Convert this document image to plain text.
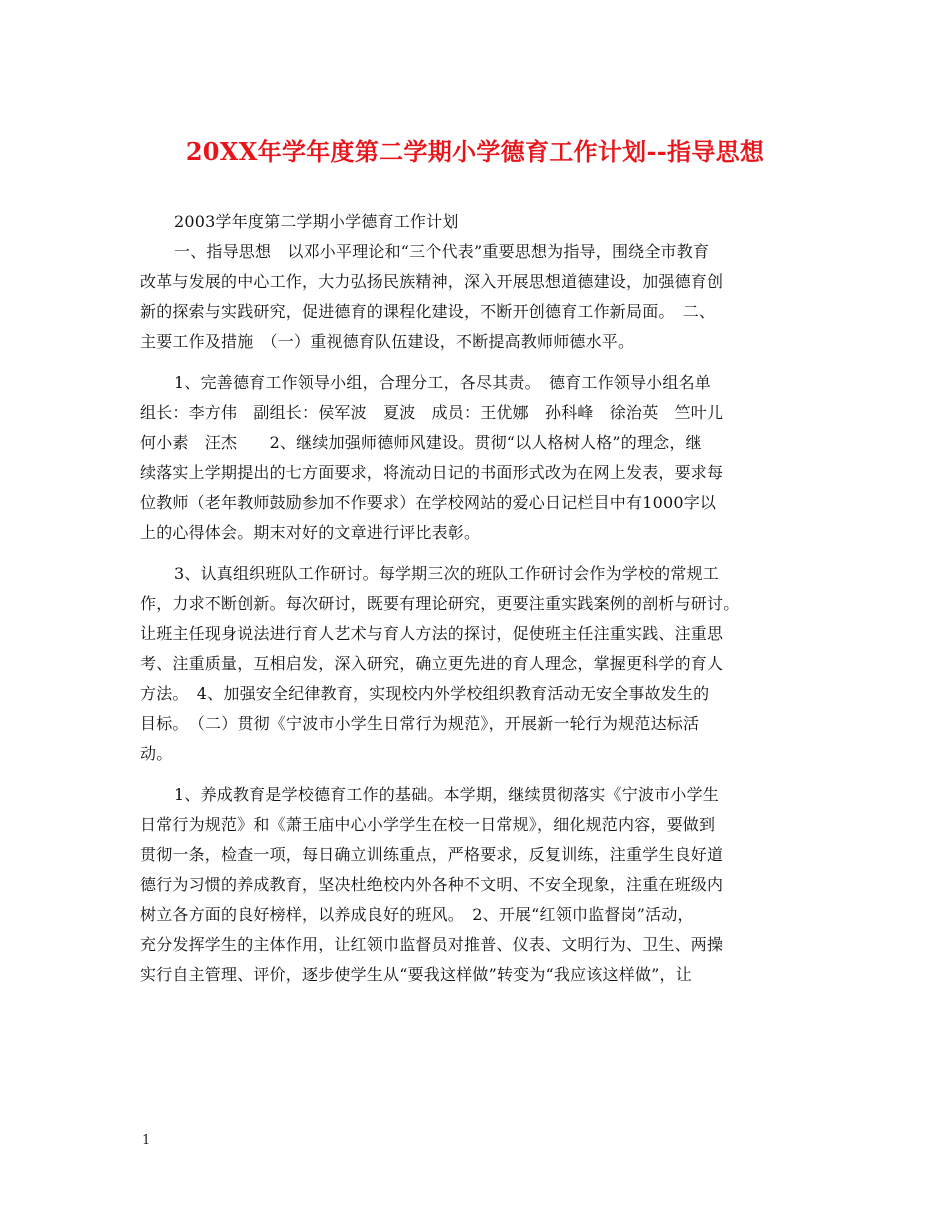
20XX年学年度第二学期小学德育工作计划--指导思想
2003学年度第二学期小学德育工作计划
一、指导思想　以邓小平理论和“三个代表”重要思想为指导，围绕全市教育
改革与发展的中心工作，大力弘扬民族精神，深入开展思想道德建设，加强德育创
新的探索与实践研究，促进德育的课程化建设，不断开创德育工作新局面。　二、
主要工作及措施　（一）重视德育队伍建设，不断提高教师师德水平。
1、完善德育工作领导小组，合理分工，各尽其责。　德育工作领导小组名单
组长：李方伟　副组长：侯军波　夏波　成员：王优娜　孙科峰　徐治英　竺叶儿
何小素　汪杰　　2、继续加强师德师风建设。贯彻“以人格树人格”的理念，继
续落实上学期提出的七方面要求，将流动日记的书面形式改为在网上发表，要求每
位教师（老年教师鼓励参加不作要求）在学校网站的爱心日记栏目中有1000字以
上的心得体会。期末对好的文章进行评比表彰。
3、认真组织班队工作研讨。每学期三次的班队工作研讨会作为学校的常规工
作，力求不断创新。每次研讨，既要有理论研究，更要注重实践案例的剖析与研讨。
让班主任现身说法进行育人艺术与育人方法的探讨，促使班主任注重实践、注重思
考、注重质量，互相启发，深入研究，确立更先进的育人理念，掌握更科学的育人
方法。　4、加强安全纪律教育，实现校内外学校组织教育活动无安全事故发生的
目标。　（二）贯彻《宁波市小学生日常行为规范》，开展新一轮行为规范达标活
动。
1、养成教育是学校德育工作的基础。本学期，继续贯彻落实《宁波市小学生
日常行为规范》和《萧王庙中心小学学生在校一日常规》，细化规范内容，要做到
贯彻一条，检查一项，每日确立训练重点，严格要求，反复训练，注重学生良好道
德行为习惯的养成教育，坚决杜绝校内外各种不文明、不安全现象，注重在班级内
树立各方面的良好榜样，以养成良好的班风。　2、开展“红领巾监督岗”活动，
充分发挥学生的主体作用，让红领巾监督员对推普、仪表、文明行为、卫生、两操
实行自主管理、评价，逐步使学生从“要我这样做”转变为“我应该这样做”，让
1
